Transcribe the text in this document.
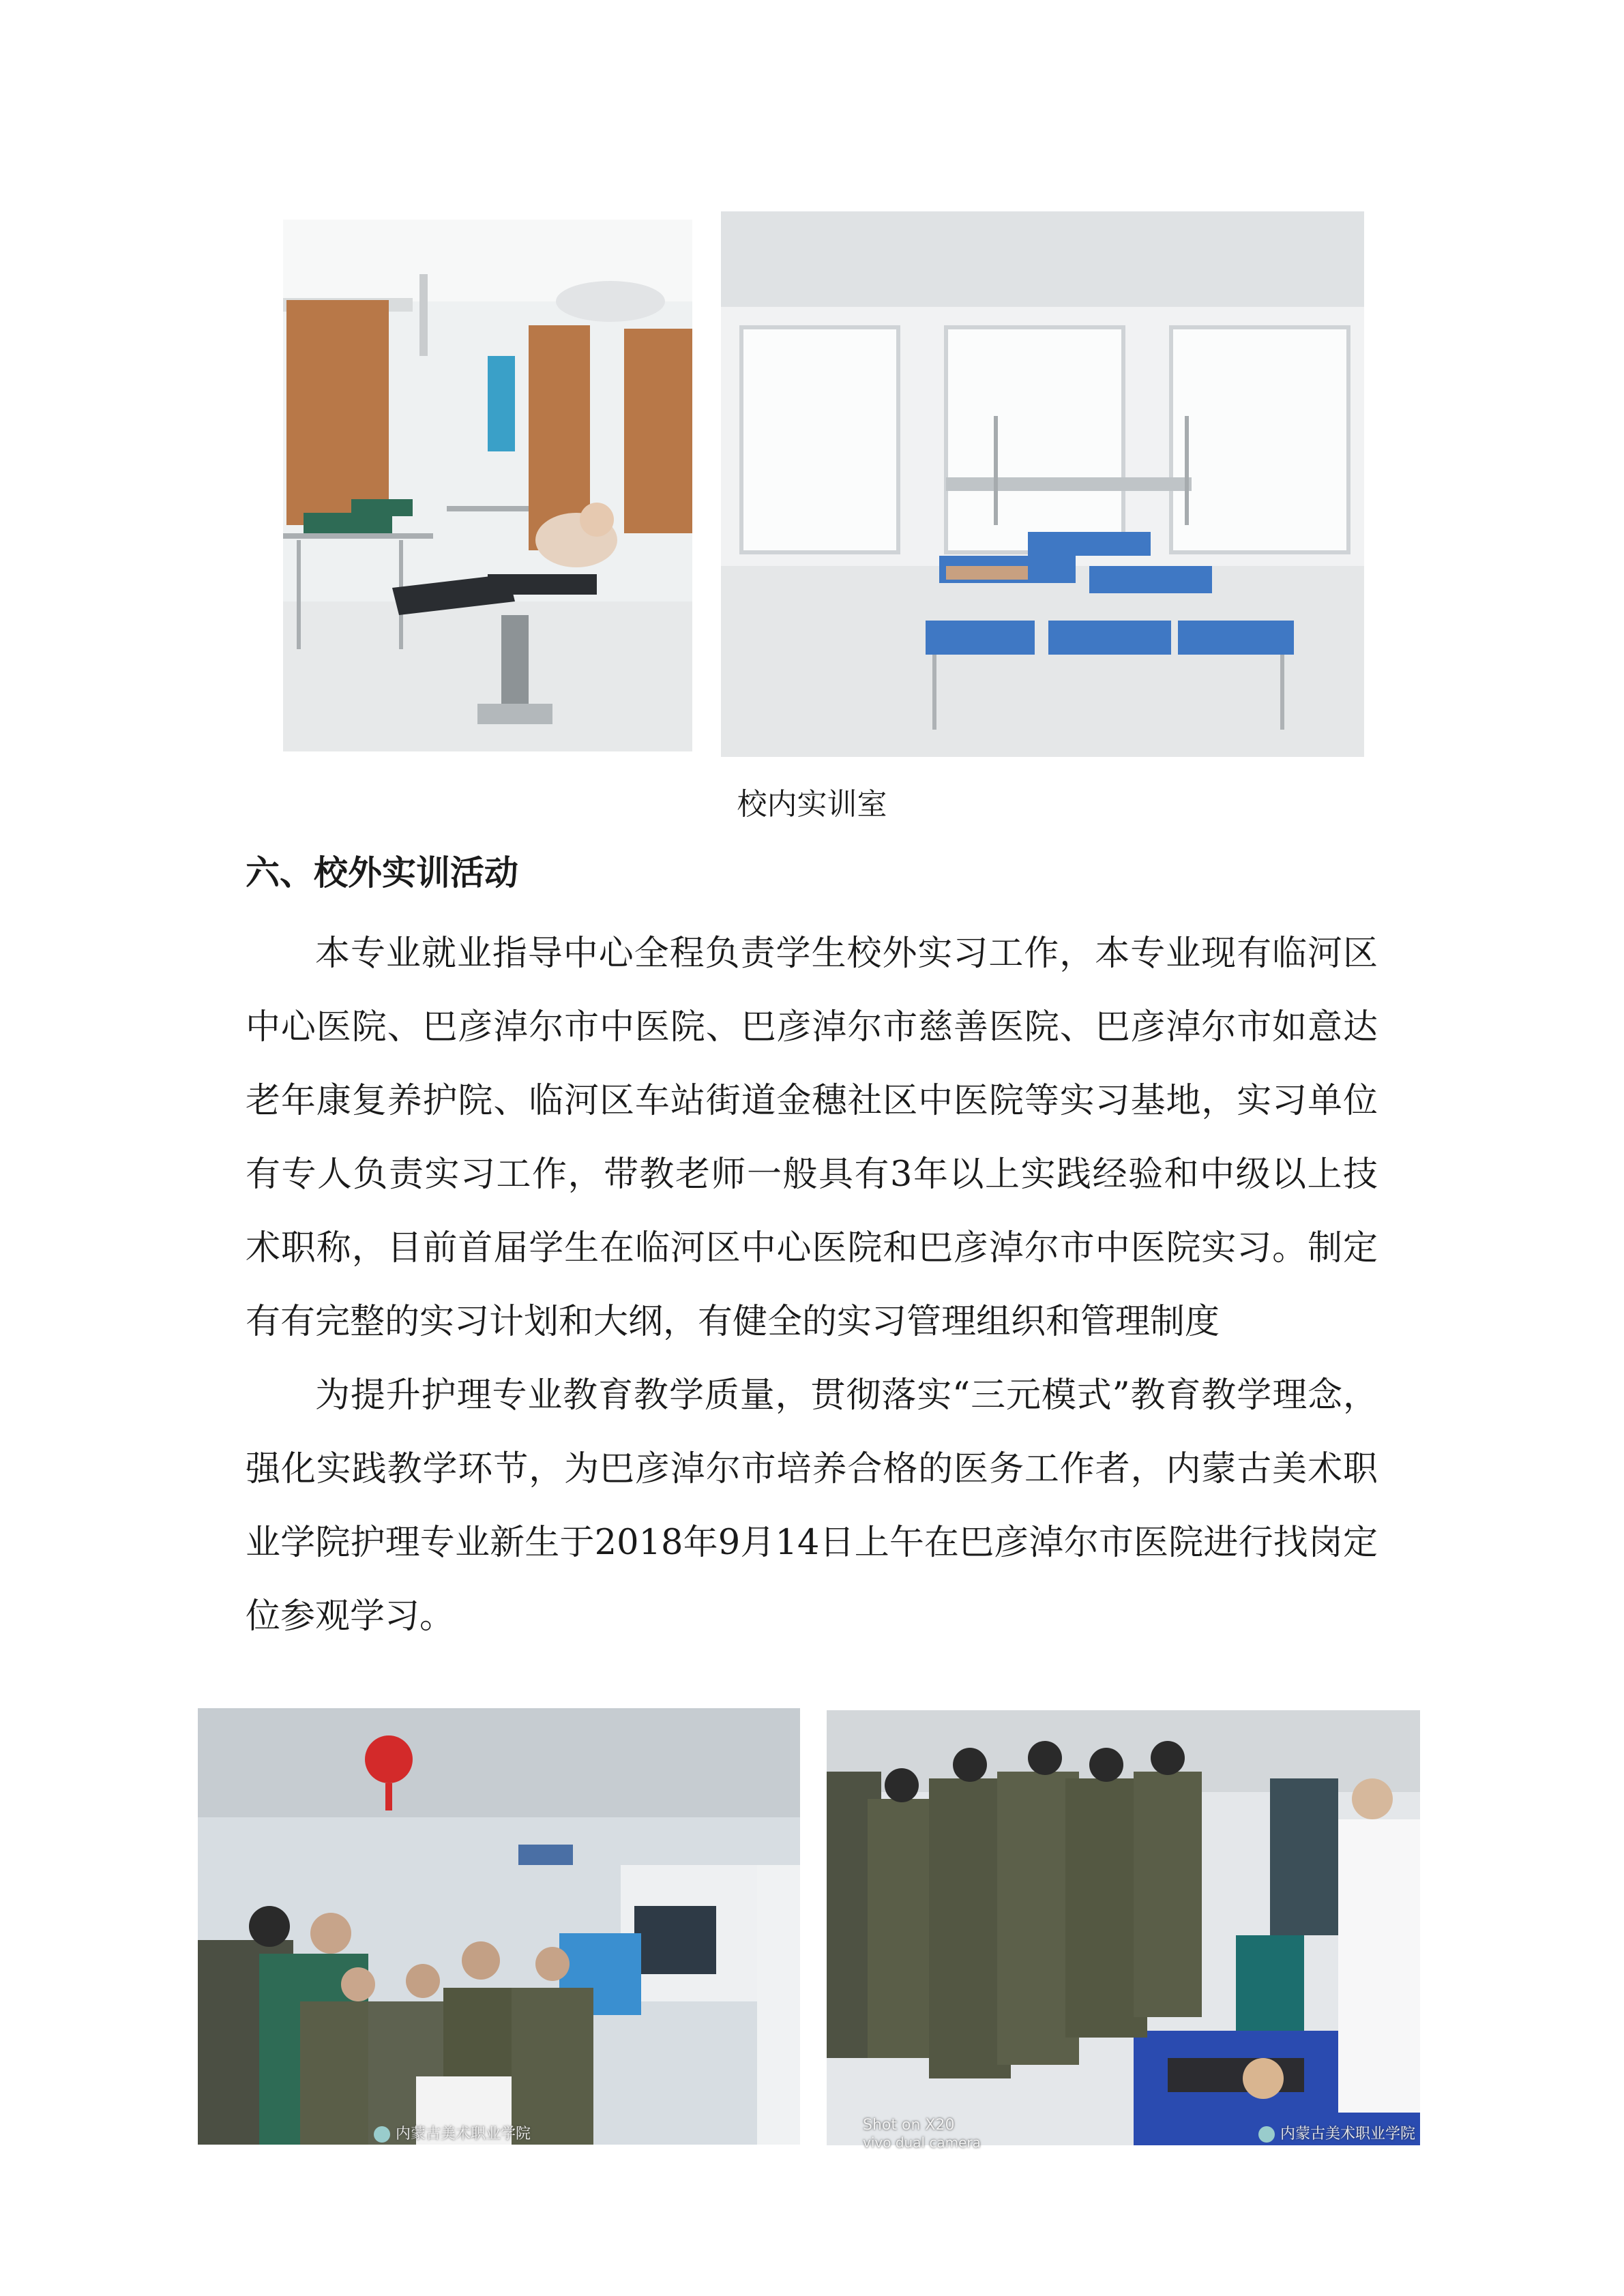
校内实训室
六、校外实训活动

本专业就业指导中心全程负责学生校外实习工作，本专业现有临河区中心医院、巴彦淖尔市中医院、巴彦淖尔市慈善医院、巴彦淖尔市如意达老年康复养护院、临河区车站街道金穗社区中医院等实习基地，实习单位有专人负责实习工作，带教老师一般具有3年以上实践经验和中级以上技术职称，目前首届学生在临河区中心医院和巴彦淖尔市中医院实习。制定有有完整的实习计划和大纲，有健全的实习管理组织和管理制度

为提升护理专业教育教学质量，贯彻落实“三元模式”教育教学理念，强化实践教学环节，为巴彦淖尔市培养合格的医务工作者，内蒙古美术职业学院护理专业新生于2018年9月14日上午在巴彦淖尔市医院进行找岗定位参观学习。

内蒙古美术职业学院
Shot on X20
vivo dual camera	内蒙古美术职业学院
